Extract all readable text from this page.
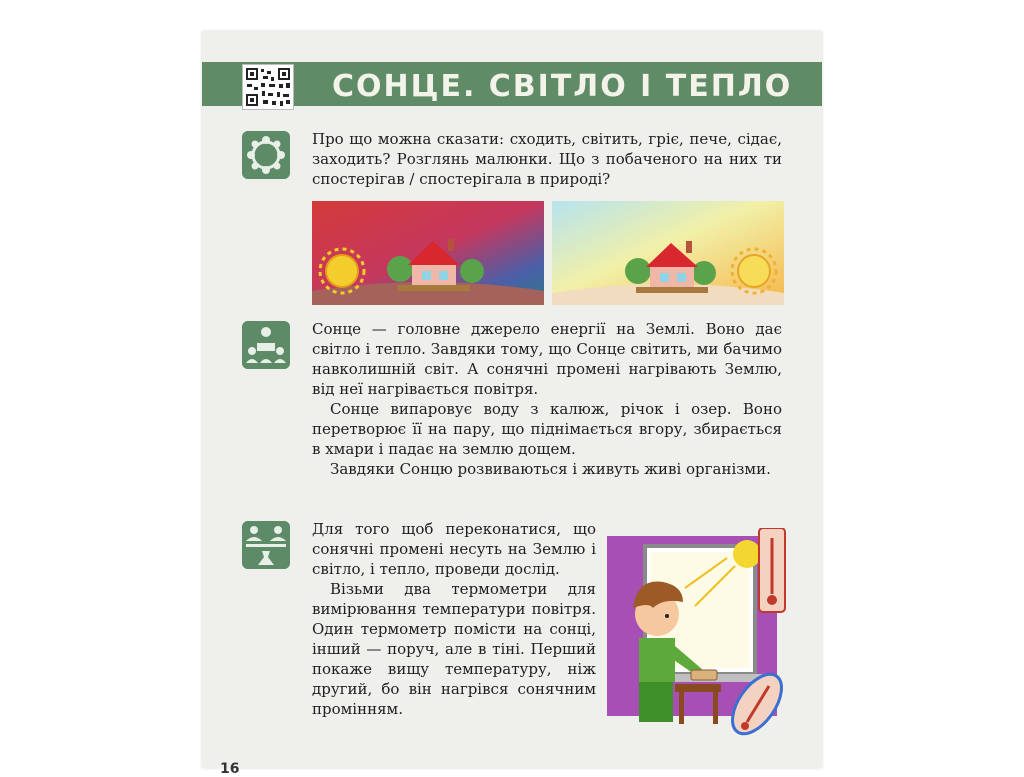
СОНЦЕ. СВІТЛО І ТЕПЛО

Про що можна сказати: сходить, світить, гріє, пече, сідає, заходить? Розглянь малюнки. Що з побаченого на них ти спостерігав / спостерігала в природі?

Сонце — головне джерело енергії на Землі. Воно дає світло і тепло. Завдяки тому, що Сонце світить, ми бачимо навколишній світ. А сонячні промені нагрівають Землю, від неї нагрівається повітря.

Сонце випаровує воду з калюж, річок і озер. Воно перетворює її на пару, що піднімається вгору, збирається в хмари і падає на землю дощем.

Завдяки Сонцю розвиваються і живуть живі організми.

Для того щоб переконатися, що сонячні промені несуть на Землю і світло, і тепло, проведи дослід.

Візьми два термометри для вимірювання температури повітря. Один термометр помісти на сонці, інший — поруч, але в тіні. Перший покаже вищу температуру, ніж другий, бо він нагрівся сонячним промінням.

16
